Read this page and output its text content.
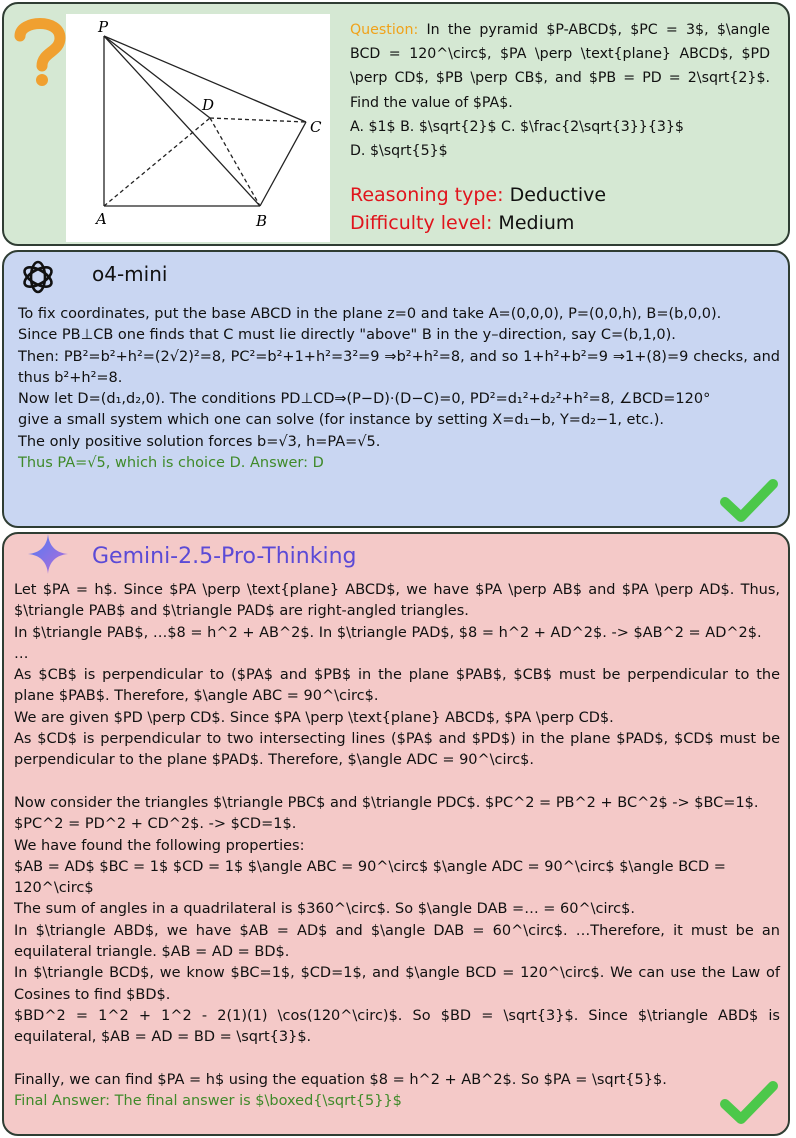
P
A	B
C
D

Question: In the pyramid $P-ABCD$, $PC = 3$, $\angle BCD = 120^\circ$, $PA \perp \text{plane} ABCD$, $PD \perp CD$, $PB \perp CB$, and $PB = PD = 2\sqrt{2}$. Find the value of $PA$.

A. $1$ B. $\sqrt{2}$ C. $\frac{2\sqrt{3}}{3}$

D. $\sqrt{5}$

Reasoning type: Deductive
Difficulty level: Medium
o4-mini

To fix coordinates, put the base ABCD in the plane z=0 and take A=(0,0,0), P=(0,0,h), B=(b,0,0).

Since PB⊥CB one finds that C must lie directly "above" B in the y–direction, say C=(b,1,0).

Then: PB²=b²+h²=(2√2)²=8, PC²=b²+1+h²=3²=9 ⇒b²+h²=8, and so 1+h²+b²=9 ⇒1+(8)=9 checks, and thus b²+h²=8.

Now let D=(d₁,d₂,0). The conditions PD⊥CD⇒(P−D)·(D−C)=0, PD²=d₁²+d₂²+h²=8, ∠BCD=120°

give a small system which one can solve (for instance by setting X=d₁−b, Y=d₂−1, etc.).

The only positive solution forces b=√3, h=PA=√5.

Thus PA=√5, which is choice D. Answer: D

Gemini-2.5-Pro-Thinking

Let $PA = h$. Since $PA \perp \text{plane} ABCD$, we have $PA \perp AB$ and $PA \perp AD$. Thus, $\triangle PAB$ and $\triangle PAD$ are right-angled triangles.

In $\triangle PAB$, …$8 = h^2 + AB^2$. In $\triangle PAD$, $8 = h^2 + AD^2$. -> $AB^2 = AD^2$. …

As $CB$ is perpendicular to ($PA$ and $PB$ in the plane $PAB$, $CB$ must be perpendicular to the plane $PAB$. Therefore, $\angle ABC = 90^\circ$.

We are given $PD \perp CD$. Since $PA \perp \text{plane} ABCD$, $PA \perp CD$.

As $CD$ is perpendicular to two intersecting lines ($PA$ and $PD$) in the plane $PAD$, $CD$ must be perpendicular to the plane $PAD$. Therefore, $\angle ADC = 90^\circ$.

Now consider the triangles $\triangle PBC$ and $\triangle PDC$. $PC^2 = PB^2 + BC^2$ -> $BC=1$. $PC^2 = PD^2 + CD^2$. -> $CD=1$.

We have found the following properties:

$AB = AD$ $BC = 1$ $CD = 1$ $\angle ABC = 90^\circ$ $\angle ADC = 90^\circ$ $\angle BCD = 120^\circ$

The sum of angles in a quadrilateral is $360^\circ$. So $\angle DAB =… = 60^\circ$.

In $\triangle ABD$, we have $AB = AD$ and $\angle DAB = 60^\circ$. …Therefore, it must be an equilateral triangle. $AB = AD = BD$.

In $\triangle BCD$, we know $BC=1$, $CD=1$, and $\angle BCD = 120^\circ$. We can use the Law of Cosines to find $BD$.

$BD^2 = 1^2 + 1^2 - 2(1)(1) \cos(120^\circ)$. So $BD = \sqrt{3}$. Since $\triangle ABD$ is equilateral, $AB = AD = BD = \sqrt{3}$.

Finally, we can find $PA = h$ using the equation $8 = h^2 + AB^2$. So $PA = \sqrt{5}$.

Final Answer: The final answer is $\boxed{\sqrt{5}}$
